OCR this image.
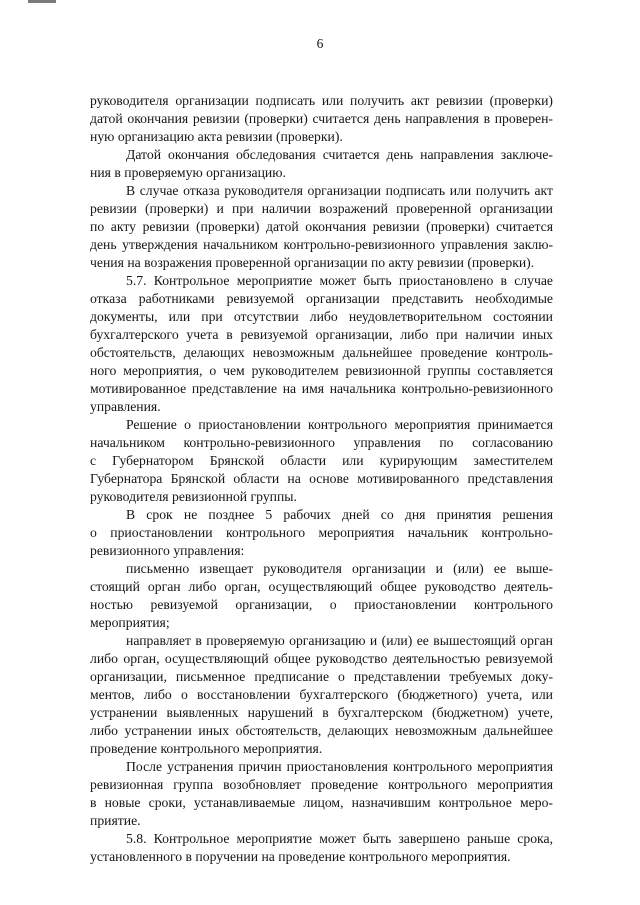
6
руководителя организации подписать или получить акт ревизии (проверки)
датой окончания ревизии (проверки) считается день направления в проверен-
ную организацию акта ревизии (проверки).
Датой окончания обследования считается день направления заключе-
ния в проверяемую организацию.
В случае отказа руководителя организации подписать или получить акт
ревизии (проверки) и при наличии возражений проверенной организации
по акту ревизии (проверки) датой окончания ревизии (проверки) считается
день утверждения начальником контрольно-ревизионного управления заклю-
чения на возражения проверенной организации по акту ревизии (проверки).
5.7. Контрольное мероприятие может быть приостановлено в случае
отказа работниками ревизуемой организации представить необходимые
документы, или при отсутствии либо неудовлетворительном состоянии
бухгалтерского учета в ревизуемой организации, либо при наличии иных
обстоятельств, делающих невозможным дальнейшее проведение контроль-
ного мероприятия, о чем руководителем ревизионной группы составляется
мотивированное представление на имя начальника контрольно-ревизионного
управления.
Решение о приостановлении контрольного мероприятия принимается
начальником контрольно-ревизионного управления по согласованию
с Губернатором Брянской области или курирующим заместителем
Губернатора Брянской области на основе мотивированного представления
руководителя ревизионной группы.
В срок не позднее 5 рабочих дней со дня принятия решения
о приостановлении контрольного мероприятия начальник контрольно-
ревизионного управления:
письменно извещает руководителя организации и (или) ее выше-
стоящий орган либо орган, осуществляющий общее руководство деятель-
ностью ревизуемой организации, о приостановлении контрольного
мероприятия;
направляет в проверяемую организацию и (или) ее вышестоящий орган
либо орган, осуществляющий общее руководство деятельностью ревизуемой
организации, письменное предписание о представлении требуемых доку-
ментов, либо о восстановлении бухгалтерского (бюджетного) учета, или
устранении выявленных нарушений в бухгалтерском (бюджетном) учете,
либо устранении иных обстоятельств, делающих невозможным дальнейшее
проведение контрольного мероприятия.
После устранения причин приостановления контрольного мероприятия
ревизионная группа возобновляет проведение контрольного мероприятия
в новые сроки, устанавливаемые лицом, назначившим контрольное меро-
приятие.
5.8. Контрольное мероприятие может быть завершено раньше срока,
установленного в поручении на проведение контрольного мероприятия.
